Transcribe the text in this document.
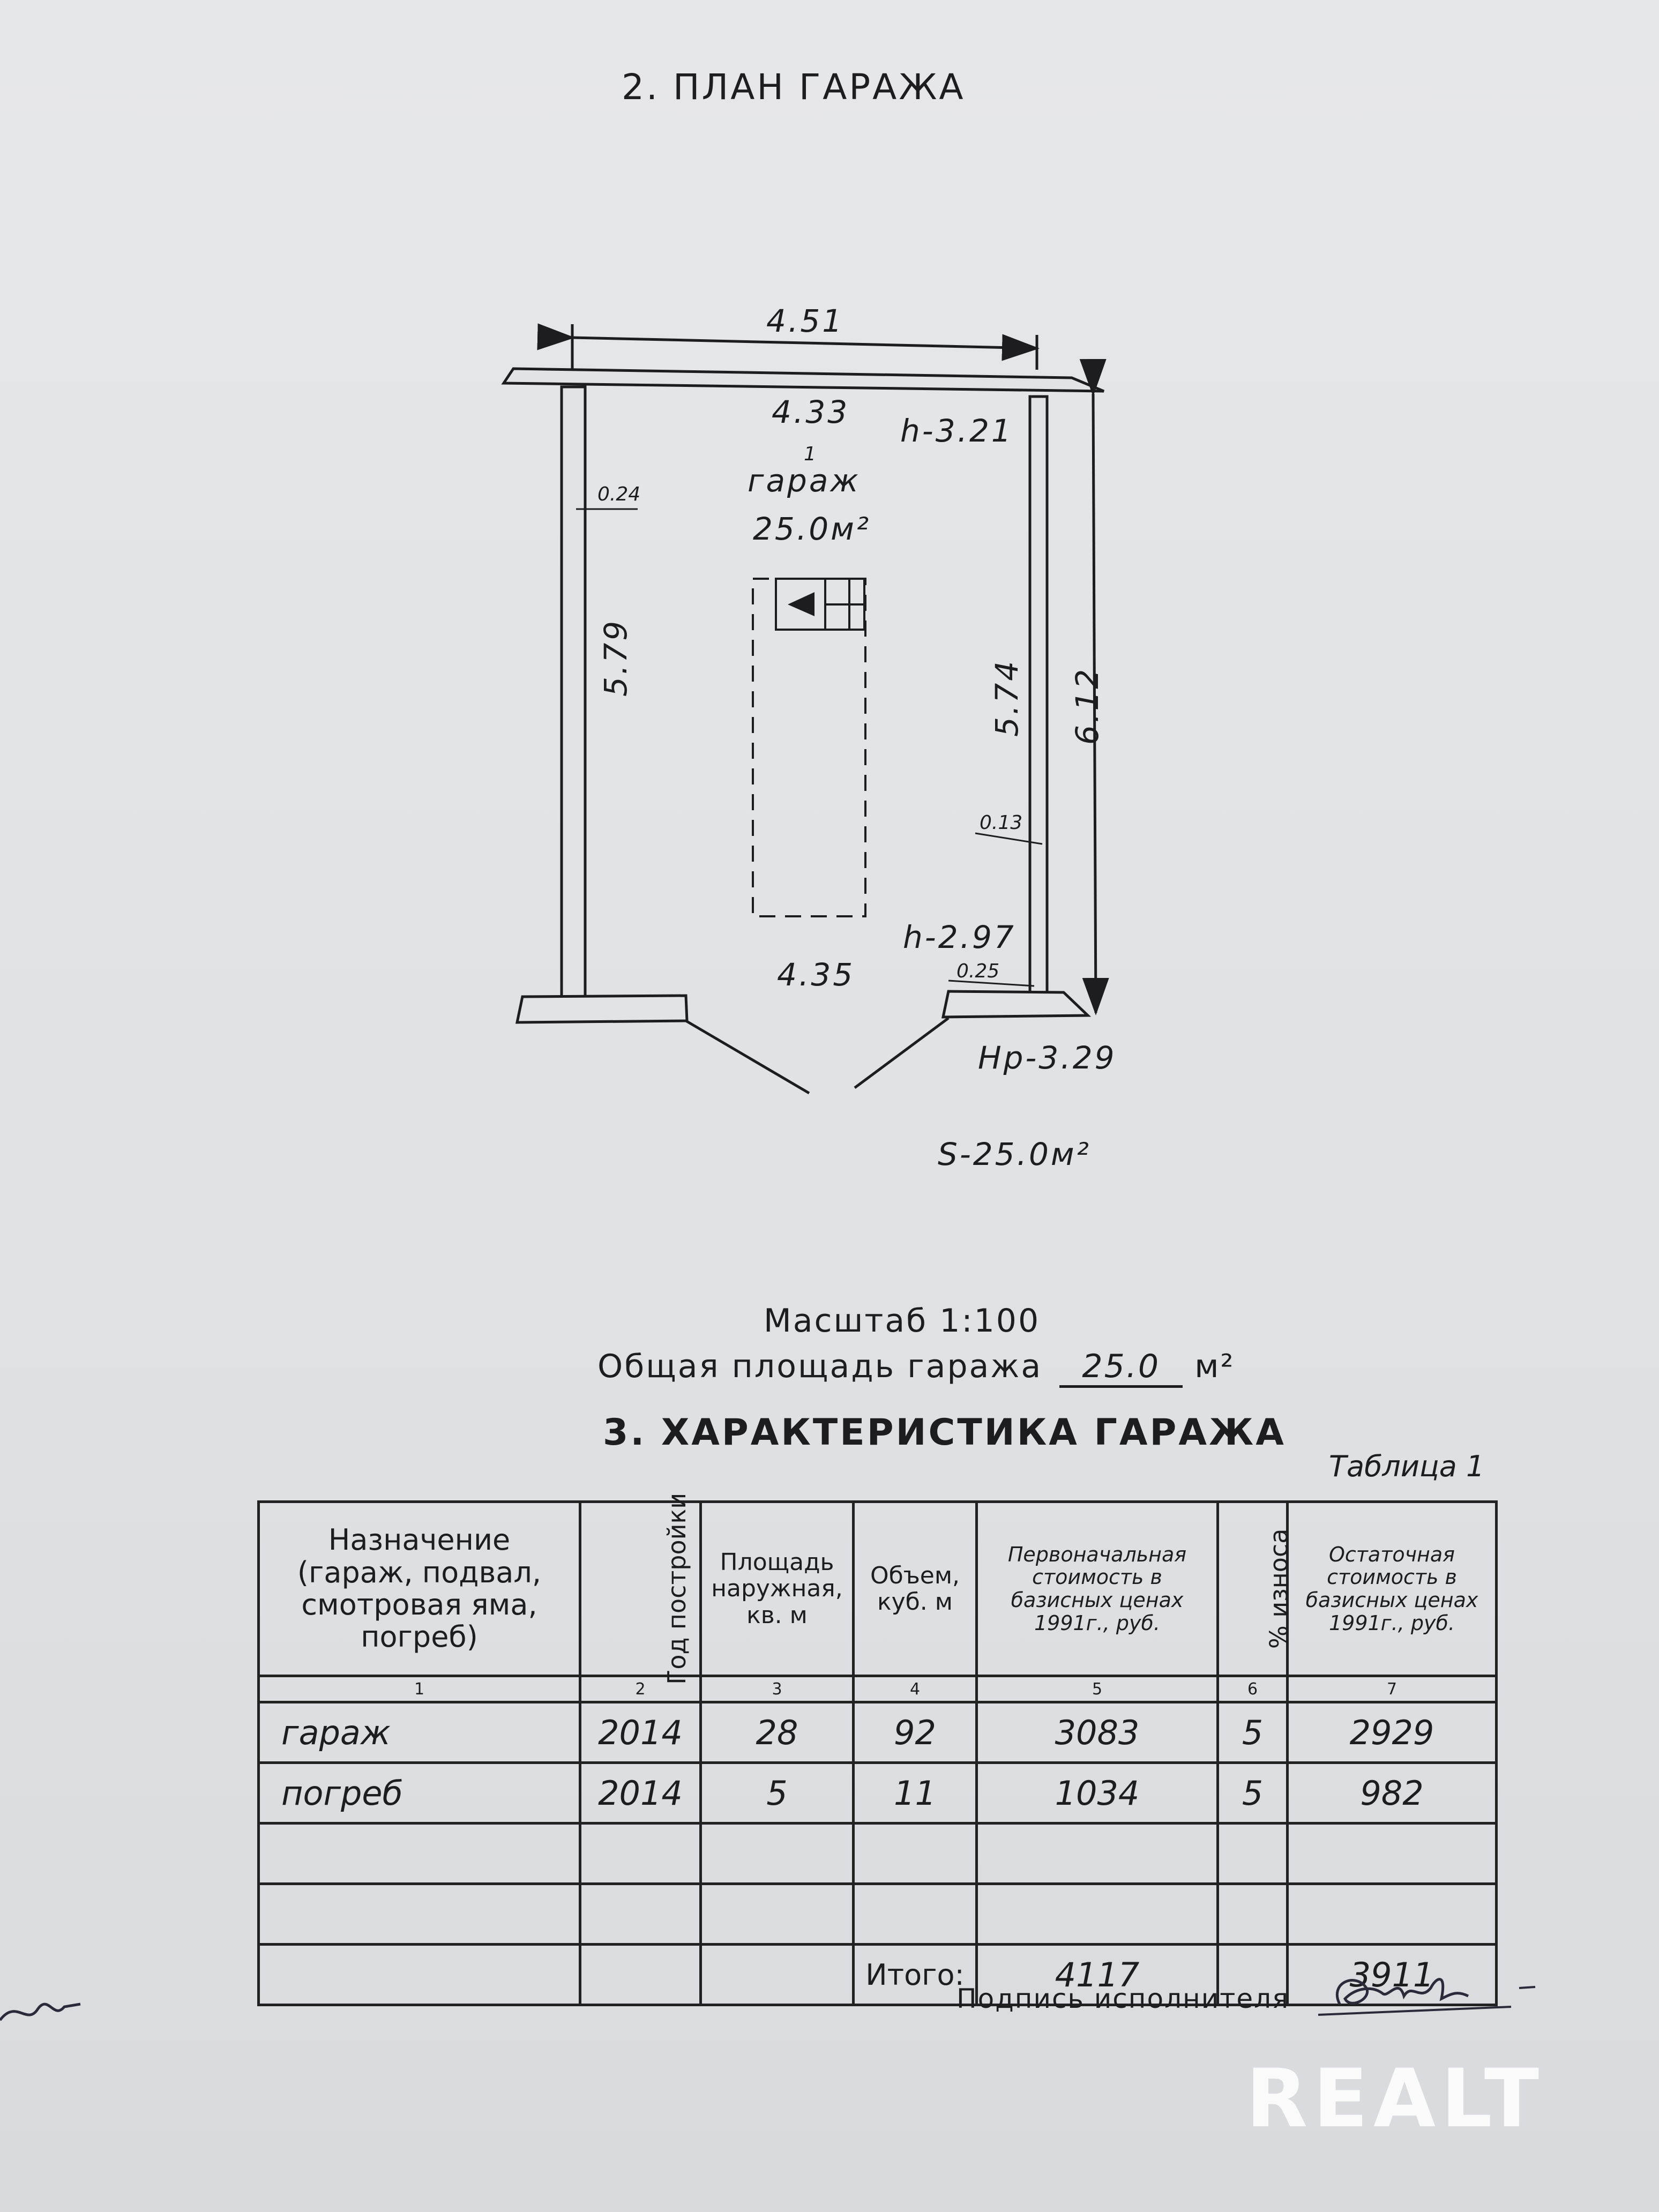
2. ПЛАН ГАРАЖА
4.51
4.33
h-3.21
1
гараж
25.0м²
0.24
5.79
5.74 6.12
0.13
h-2.97
4.35	0.25
Нр-3.29
S-25.0м²
Масштаб 1:100
Общая площадь гаража 25.0 м²
3. ХАРАКТЕРИСТИКА ГАРАЖА
Таблица 1
Назначение (гараж, подвал, смотровая яма, погреб)	Год постройки	Площадь наружная, кв. м	Объем, куб. м	Первоначальная стоимость в базисных ценах 1991г., руб.	% износа	Остаточная стоимость в базисных ценах 1991г., руб.
1	2	3	4	5	6	7
гараж	2014	28	92	3083	5	2929
погреб	2014	5	11	1034	5	982

			Итого:	4117		3911
Подпись исполнителя
REALT
